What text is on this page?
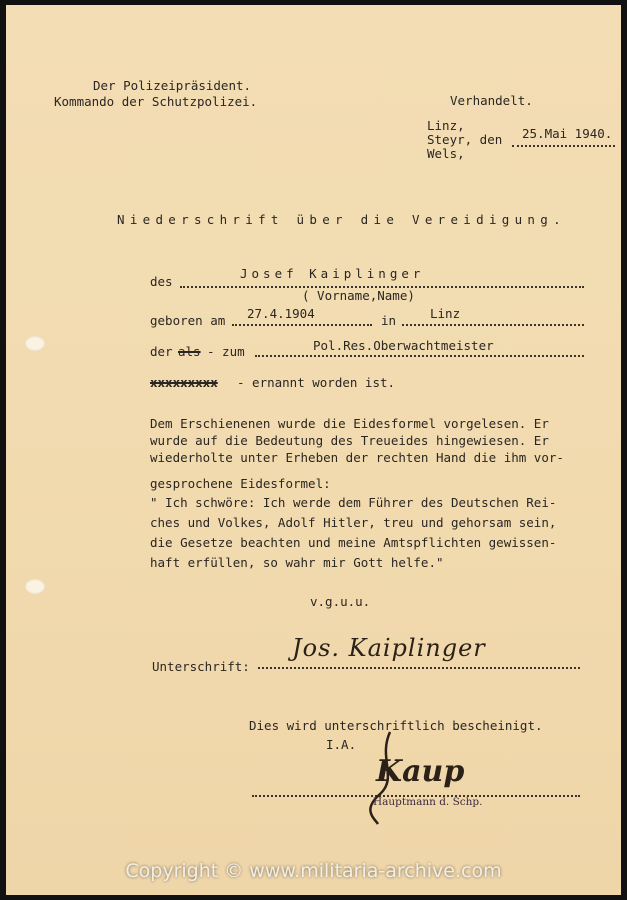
Der Polizeipräsident.
Kommando der Schutzpolizei.	Verhandelt.
Linz,
Steyr, den
Wels,
25.Mai 1940.
Niederschrift über die Vereidigung.
des
Josef Kaiplinger
( Vorname,Name)
geboren am 27.4.1904	in	Linz
der als - zum	Pol.Res.Oberwachtmeister
xxxxxxxxx - ernannt worden ist.
Dem Erschienenen wurde die Eidesformel vorgelesen. Er
wurde auf die Bedeutung des Treueides hingewiesen. Er
wiederholte unter Erheben der rechten Hand die ihm vor-
gesprochene Eidesformel:
" Ich schwöre: Ich werde dem Führer des Deutschen Rei-
ches und Volkes, Adolf Hitler, treu und gehorsam sein,
die Gesetze beachten und meine Amtspflichten gewissen-
haft erfüllen, so wahr mir Gott helfe."
v.g.u.u.
Unterschrift:
Jos. Kaiplinger
Dies wird unterschriftlich bescheinigt.
I.A.
Kaup
Hauptmann d. Schp.
Copyright © www.militaria-archive.com
